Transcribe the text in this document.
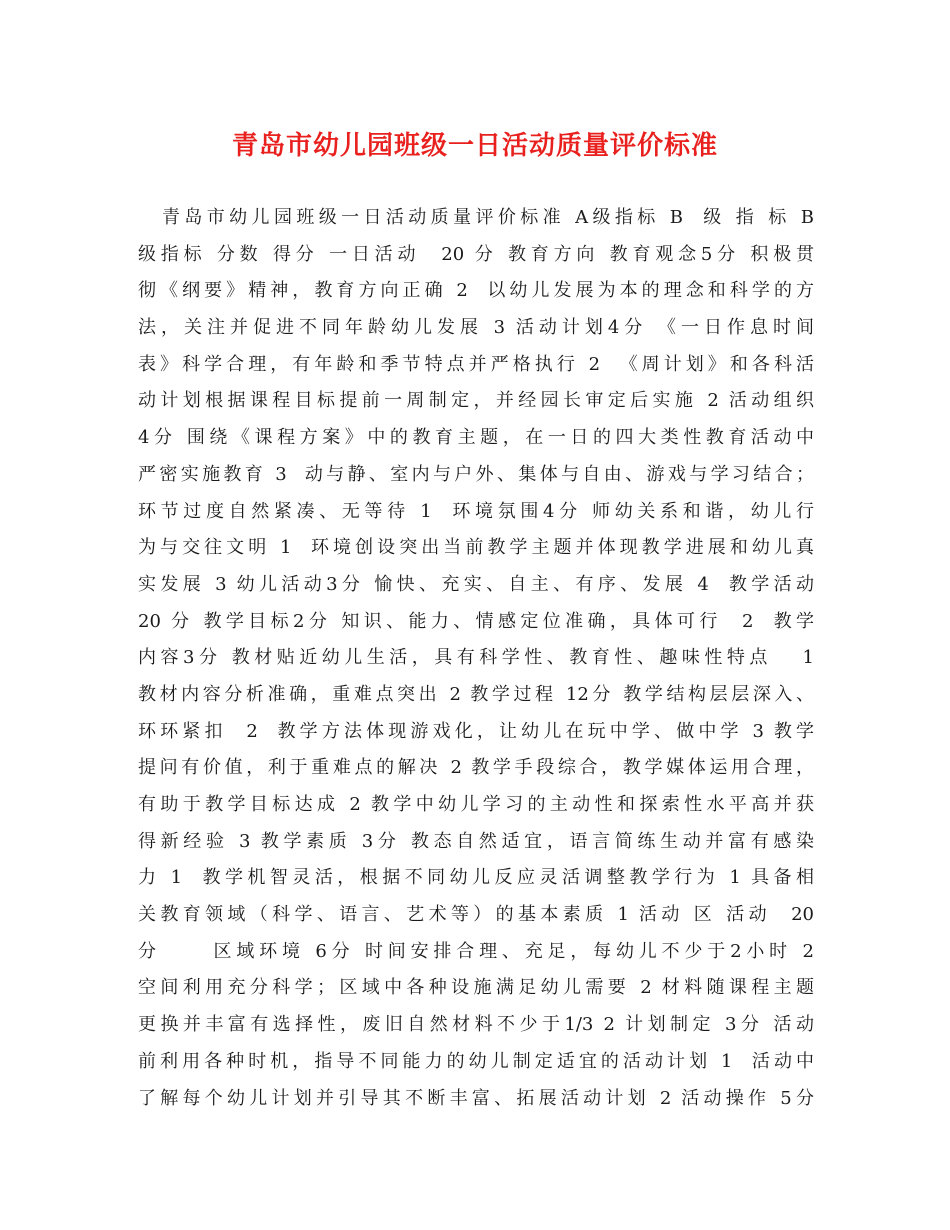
青岛市幼儿园班级一日活动质量评价标准
青岛市幼儿园班级一日活动质量评价标准 A级指标 B  级 指 标 B
级指标 分数 得分 一日活动  20 分 教育方向 教育观念5分 积极贯
彻《纲要》精神，教育方向正确 2  以幼儿发展为本的理念和科学的方
法，关注并促进不同年龄幼儿发展 3 活动计划4分 《一日作息时间
表》科学合理，有年龄和季节特点并严格执行 2  《周计划》和各科活
动计划根据课程目标提前一周制定，并经园长审定后实施 2 活动组织
4分 围绕《课程方案》中的教育主题，在一日的四大类性教育活动中
严密实施教育 3  动与静、室内与户外、集体与自由、游戏与学习结合；
环节过度自然紧凑、无等待 1  环境氛围4分 师幼关系和谐，幼儿行
为与交往文明 1  环境创设突出当前教学主题并体现教学进展和幼儿真
实发展 3 幼儿活动3分 愉快、充实、自主、有序、发展 4  教学活动
20 分 教学目标2分 知识、能力、情感定位准确，具体可行  2  教学
内容3分 教材贴近幼儿生活，具有科学性、教育性、趣味性特点   1
教材内容分析准确，重难点突出 2 教学过程 12分 教学结构层层深入、
环环紧扣  2  教学方法体现游戏化，让幼儿在玩中学、做中学 3 教学
提问有价值，利于重难点的解决 2 教学手段综合，教学媒体运用合理，
有助于教学目标达成 2 教学中幼儿学习的主动性和探索性水平高并获
得新经验 3 教学素质 3分 教态自然适宜，语言简练生动并富有感染
力 1  教学机智灵活，根据不同幼儿反应灵活调整教学行为 1 具备相
关教育领域（科学、语言、艺术等）的基本素质 1 活动 区 活动  20
分     区域环境 6分 时间安排合理、充足，每幼儿不少于2小时 2
空间利用充分科学；区域中各种设施满足幼儿需要 2 材料随课程主题
更换并丰富有选择性，废旧自然材料不少于1/3 2 计划制定 3分 活动
前利用各种时机，指导不同能力的幼儿制定适宜的活动计划 1  活动中
了解每个幼儿计划并引导其不断丰富、拓展活动计划 2 活动操作 5分
